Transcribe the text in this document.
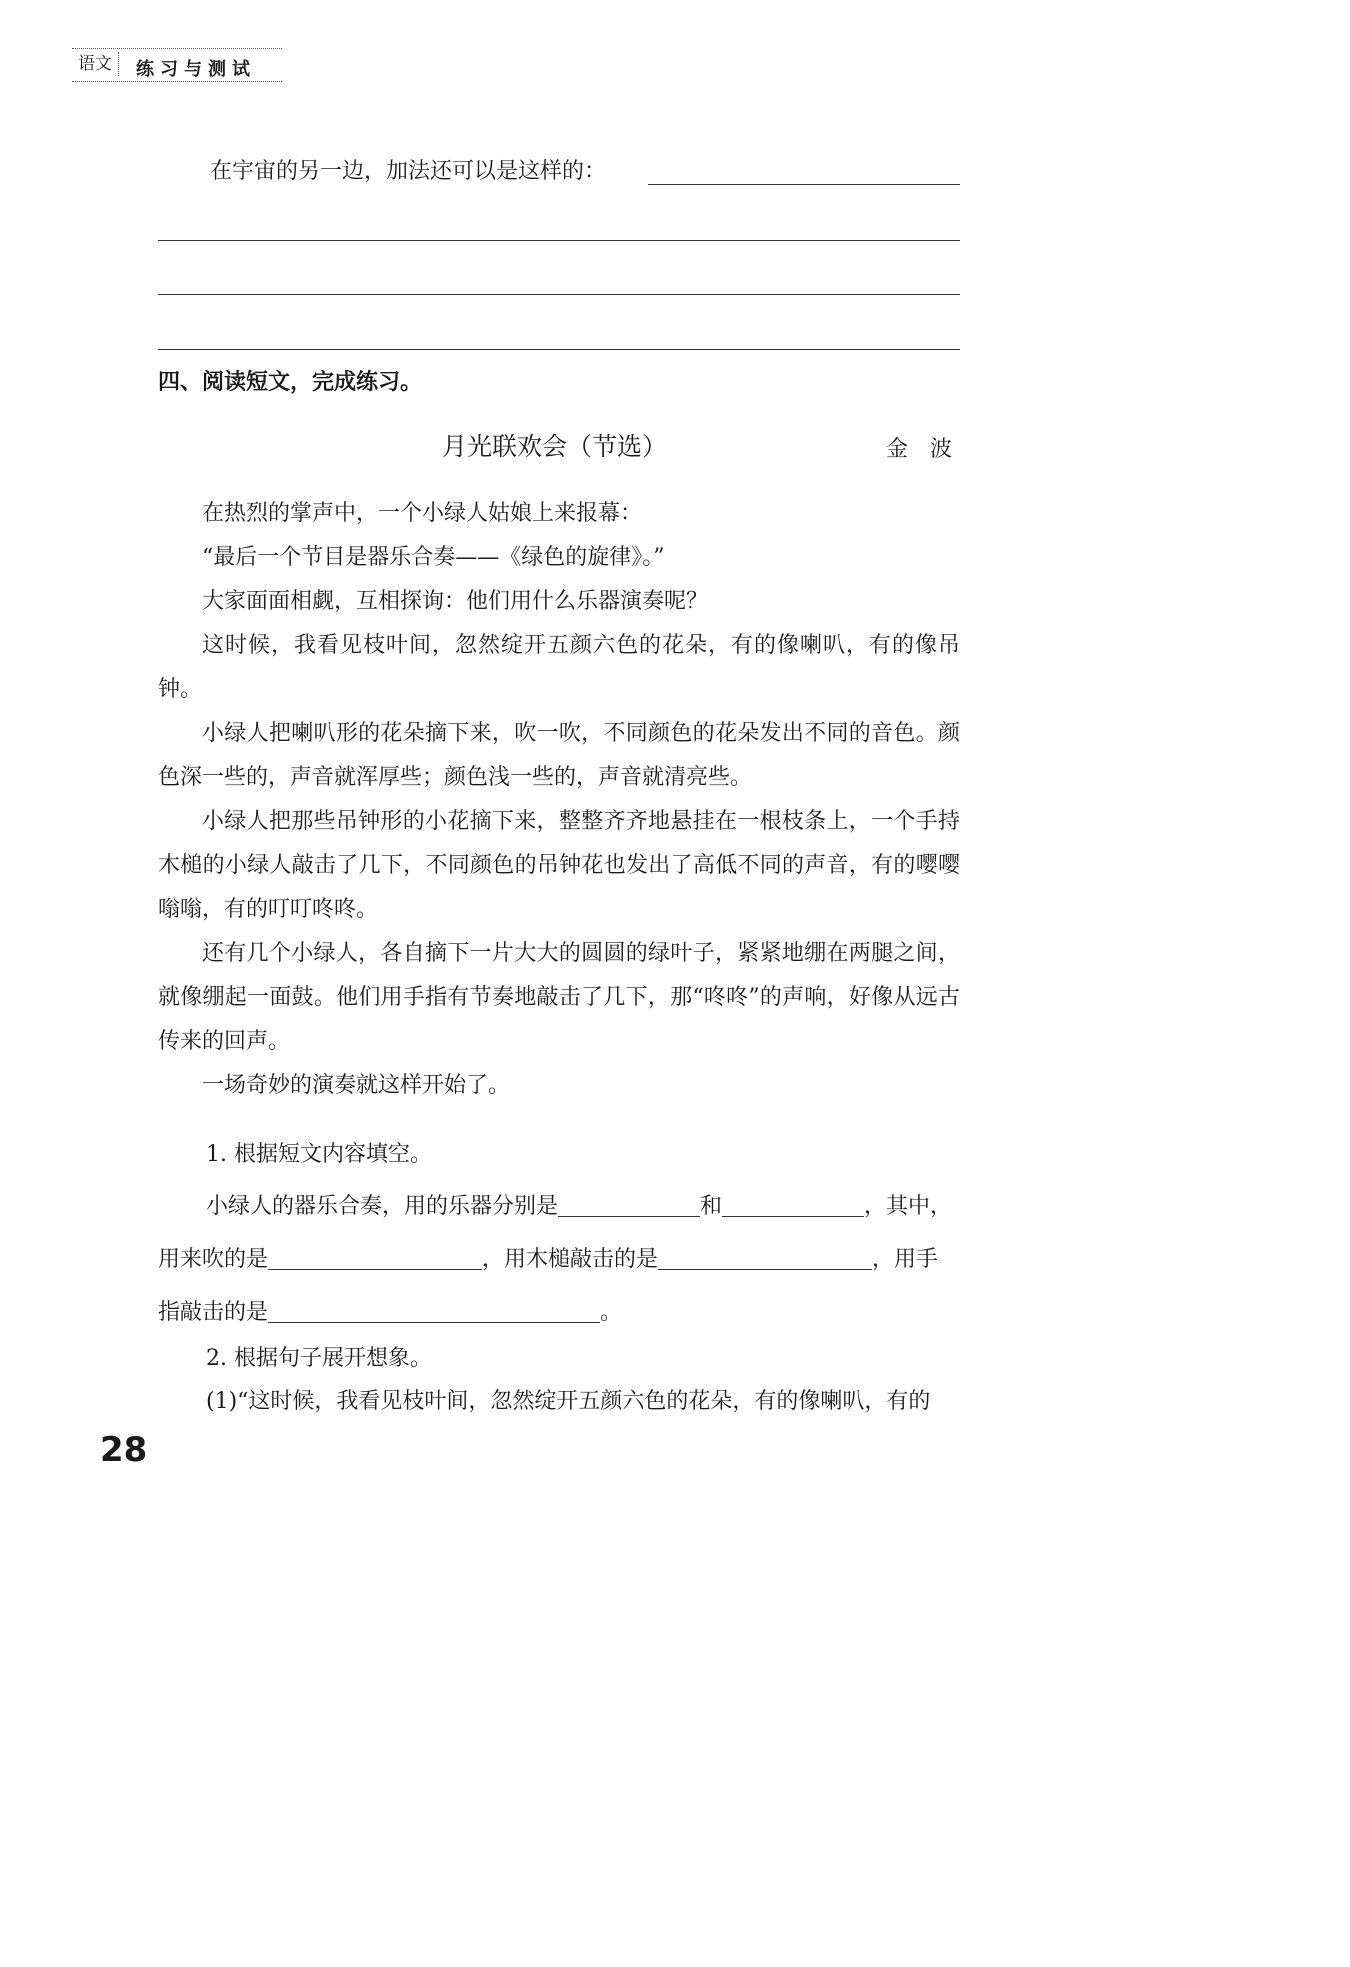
语文	练习与测试
在宇宙的另一边，加法还可以是这样的：
四、阅读短文，完成练习。
月光联欢会（节选）	金　波

在热烈的掌声中，一个小绿人姑娘上来报幕：

“最后一个节目是器乐合奏——《绿色的旋律》。”

大家面面相觑，互相探询：他们用什么乐器演奏呢？

这时候，我看见枝叶间，忽然绽开五颜六色的花朵，有的像喇叭，有的像吊钟。

小绿人把喇叭形的花朵摘下来，吹一吹，不同颜色的花朵发出不同的音色。颜色深一些的，声音就浑厚些；颜色浅一些的，声音就清亮些。

小绿人把那些吊钟形的小花摘下来，整整齐齐地悬挂在一根枝条上，一个手持木槌的小绿人敲击了几下，不同颜色的吊钟花也发出了高低不同的声音，有的嘤嘤嗡嗡，有的叮叮咚咚。

还有几个小绿人，各自摘下一片大大的圆圆的绿叶子，紧紧地绷在两腿之间，就像绷起一面鼓。他们用手指有节奏地敲击了几下，那“咚咚”的声响，好像从远古传来的回声。

一场奇妙的演奏就这样开始了。

1. 根据短文内容填空。
小绿人的器乐合奏，用的乐器分别是	和	，其中，
用来吹的是	，用木槌敲击的是	，用手
指敲击的是	。
2. 根据句子展开想象。
(1)“这时候，我看见枝叶间，忽然绽开五颜六色的花朵，有的像喇叭，有的
28
